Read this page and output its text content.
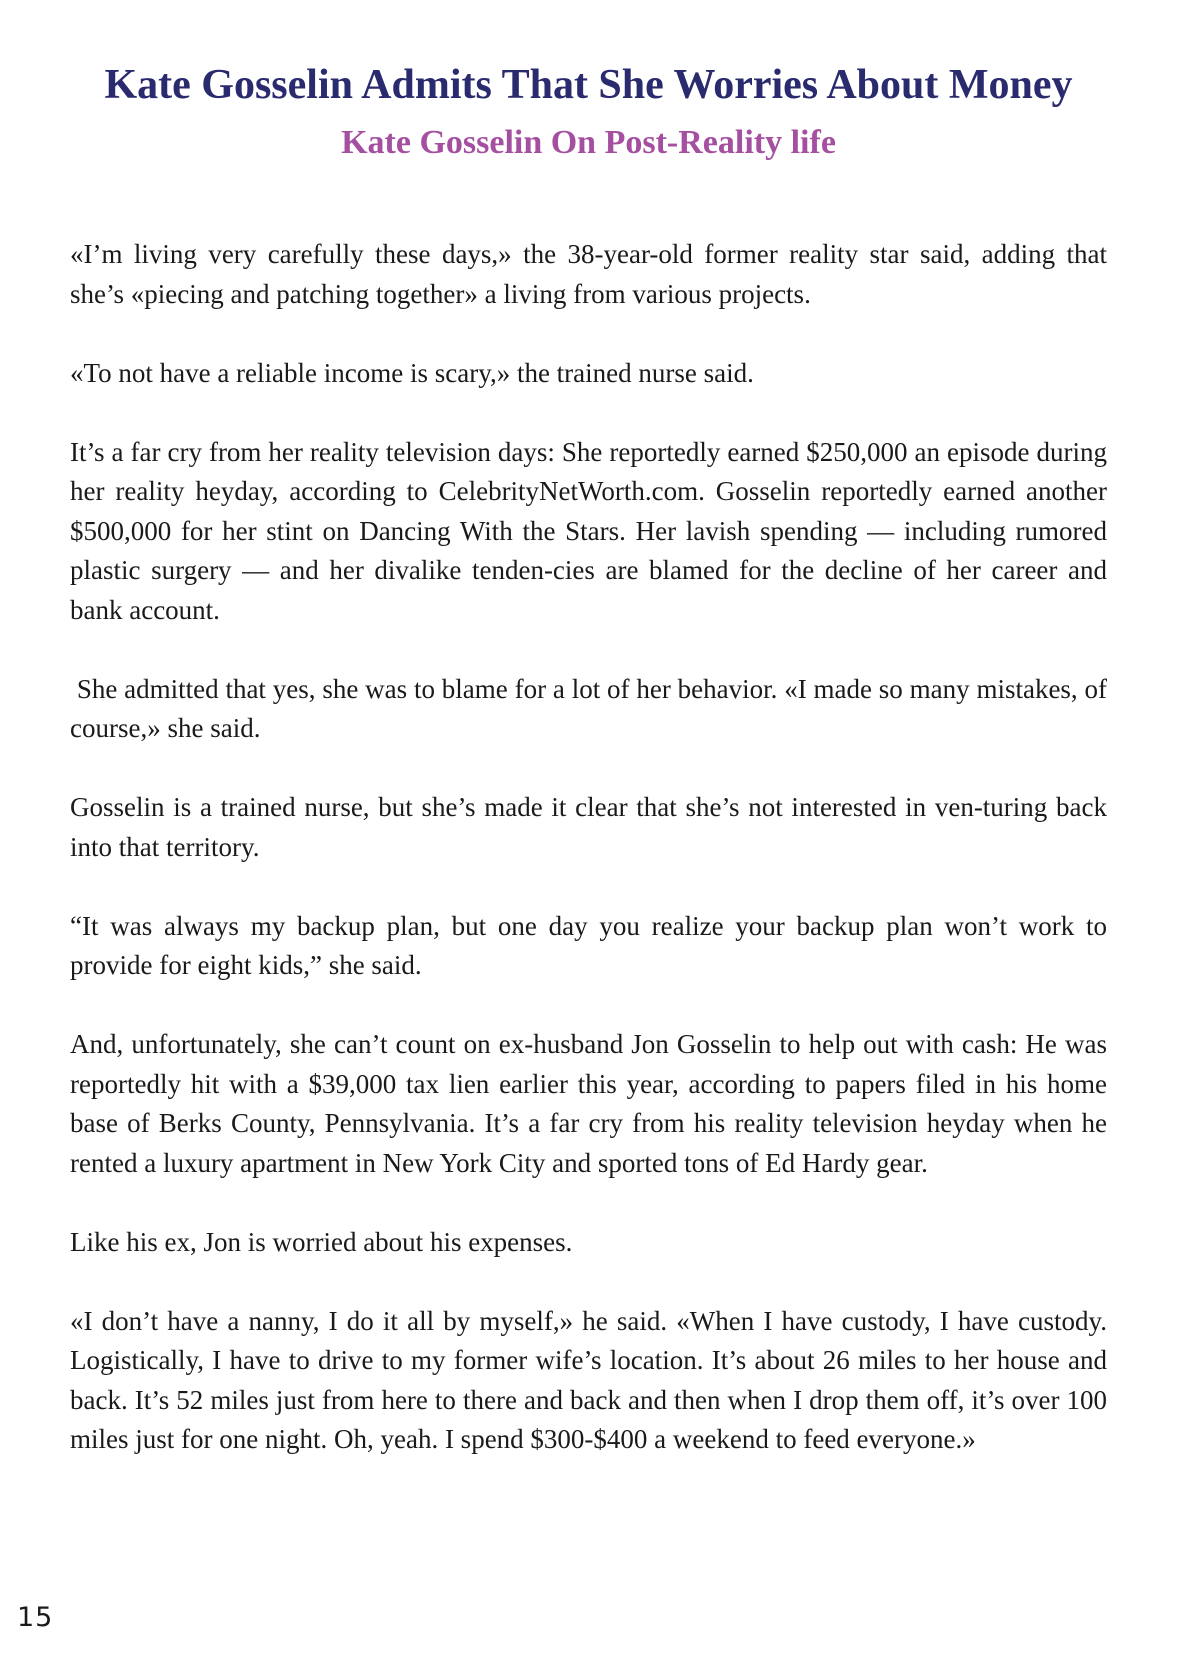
Kate Gosselin Admits That She Worries About Money
Kate Gosselin On Post-Reality life

«I’m living very carefully these days,» the 38-year-old former reality star said, adding that she’s «piecing and patching together» a living from various projects.

«To not have a reliable income is scary,» the trained nurse said.

It’s a far cry from her reality television days: She reportedly earned $250,000 an episode during her reality heyday, according to CelebrityNetWorth.com. Gosselin reportedly earned another $500,000 for her stint on Dancing With the Stars. Her lavish spending — including rumored plastic surgery — and her divalike tenden-cies are blamed for the decline of her career and bank account.

She admitted that yes, she was to blame for a lot of her behavior. «I made so many mistakes, of course,» she said.

Gosselin is a trained nurse, but she’s made it clear that she’s not interested in ven-turing back into that territory.

“It was always my backup plan, but one day you realize your backup plan won’t work to provide for eight kids,” she said.

And, unfortunately, she can’t count on ex-husband Jon Gosselin to help out with cash: He was reportedly hit with a $39,000 tax lien earlier this year, according to papers filed in his home base of Berks County, Pennsylvania. It’s a far cry from his reality television heyday when he rented a luxury apartment in New York City and sported tons of Ed Hardy gear.

Like his ex, Jon is worried about his expenses.

«I don’t have a nanny, I do it all by myself,» he said. «When I have custody, I have custody. Logistically, I have to drive to my former wife’s location. It’s about 26 miles to her house and back. It’s 52 miles just from here to there and back and then when I drop them off, it’s over 100 miles just for one night. Oh, yeah. I spend $300-$400 a weekend to feed everyone.»

15
